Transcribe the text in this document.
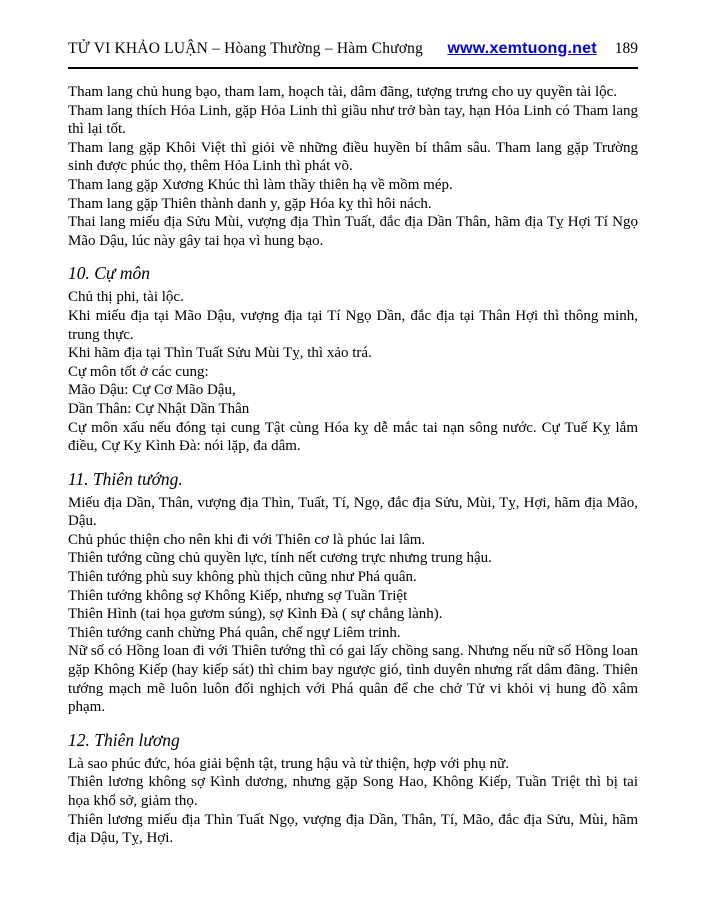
TỬ VI KHẢO LUẬN – Hòang Thường – Hàm Chương	www.xemtuong.net 189

Tham lang chủ hung bạo, tham lam, hoạch tài, dâm đãng, tượng trưng cho uy quyền tài lộc.

Tham lang thích Hỏa Linh, gặp Hỏa Linh thì giầu như trở bàn tay, hạn Hỏa Linh có Tham lang thì lại tốt.

Tham lang gặp Khôi Việt thì giỏi về những điều huyền bí thâm sâu. Tham lang gặp Trường sinh được phúc thọ, thêm Hỏa Linh thì phát võ.

Tham lang gặp Xương Khúc thì làm thầy thiên hạ về mồm mép.

Tham lang gặp Thiên thành danh y, gặp Hóa kỵ thì hôi nách.

Thai lang miếu địa Sửu Mùi, vượng địa Thìn Tuất, đắc địa Dần Thân, hãm địa Tỵ Hợi Tí Ngọ Mão Dậu, lúc này gây tai họa vì hung bạo.

10. Cự môn

Chủ thị phi, tài lộc.

Khi miếu địa tại Mão Dậu, vượng địa tại Tí Ngọ Dần, đắc địa tại Thân Hợi thì thông minh, trung thực.

Khi hãm địa tại Thìn Tuất Sửu Mùi Tỵ, thì xảo trá.

Cự môn tốt ở các cung:

Mão Dậu: Cự Cơ Mão Dậu,

Dần Thân: Cự Nhật Dần Thân

Cự môn xấu nếu đóng tại cung Tật cùng Hóa kỵ dễ mắc tai nạn sông nước. Cự Tuế Kỵ lắm điều, Cự Kỵ Kình Đà: nói lặp, đa dâm.

11. Thiên tướng.

Miếu địa Dần, Thân, vượng địa Thìn, Tuất, Tí, Ngọ, đắc địa Sửu, Mùi, Tỵ, Hợi, hãm địa Mão, Dậu.

Chủ phúc thiện cho nên khi đi với Thiên cơ là phúc lai lâm.

Thiên tướng cũng chủ quyền lực, tính nết cương trực nhưng trung hậu.

Thiên tướng phù suy không phù thịch cũng như Phá quân.

Thiên tướng không sợ Không Kiếp, nhưng sợ Tuần Triệt

Thiên Hình (tai họa gươm súng), sợ Kình Đà ( sự chẳng lành).

Thiên tướng canh chừng Phá quân, chế ngự Liêm trinh.

Nữ số có Hồng loan đi với Thiên tướng thì có gai lấy chồng sang. Nhưng nếu nữ số Hồng loan gặp Không Kiếp (hay kiếp sát) thì chim bay ngược gió, tình duyên nhưng rất dâm đãng. Thiên tướng mạch mẽ luôn luôn đối nghịch với Phá quân để che chở Tử vi khỏi vị hung đồ xâm phạm.

12. Thiên lương

Là sao phúc đức, hóa giải bệnh tật, trung hậu và từ thiện, hợp với phụ nữ.

Thiên lương không sợ Kình dương, nhưng gặp Song Hao, Không Kiếp, Tuần Triệt thì bị tai họa khổ sở, giảm thọ.

Thiên lương miếu địa Thìn Tuất Ngọ, vượng địa Dần, Thân, Tí, Mão, đắc địa Sửu, Mùi, hãm địa Dậu, Tỵ, Hợi.
